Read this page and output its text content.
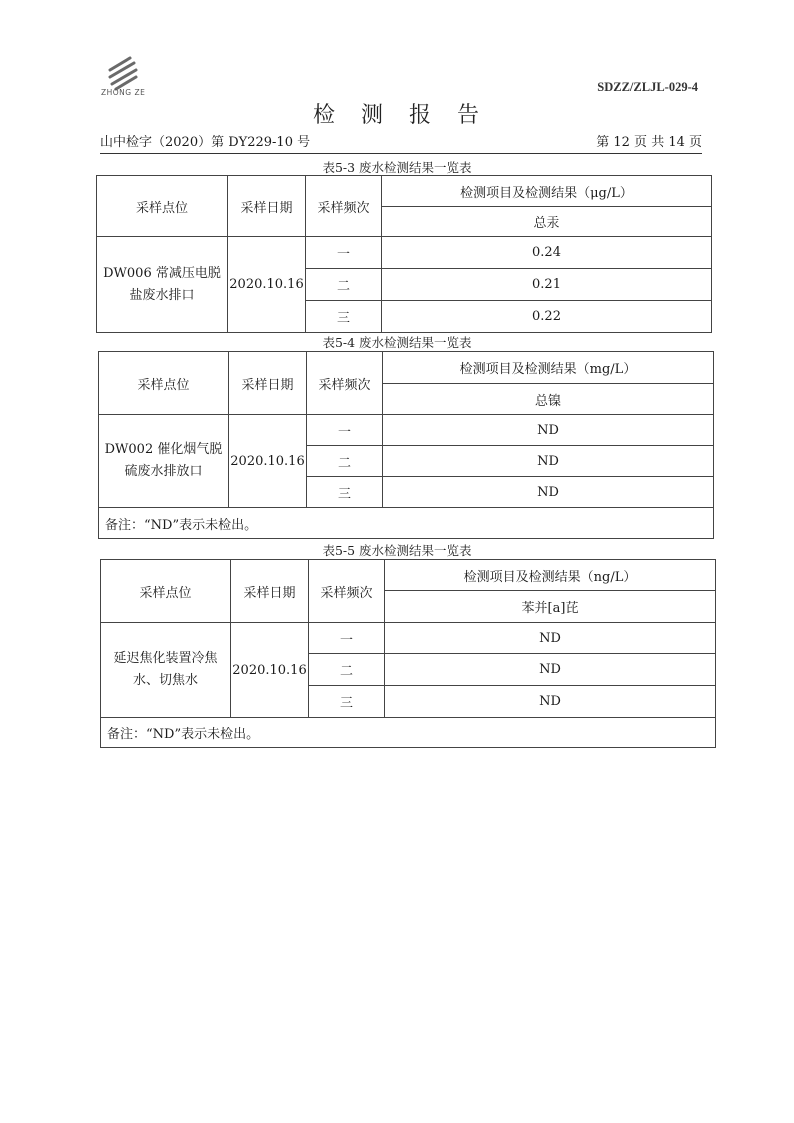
ZHONG ZE	SDZZ/ZLJL-029-4
检测报告
山中检字（2020）第 DY229-10 号	第 12 页 共 14 页
表5-3 废水检测结果一览表
采样点位	采样日期	采样频次	检测项目及检测结果（μg/L）
			总汞
DW006 常减压电脱盐废水排口	2020.10.16	一	0.24
		二	0.21
		三	0.22
表5-4 废水检测结果一览表
采样点位	采样日期	采样频次	检测项目及检测结果（mg/L）
			总镍
DW002 催化烟气脱硫废水排放口	2020.10.16	一	ND
		二	ND
		三	ND
备注：“ND”表示未检出。			
表5-5 废水检测结果一览表
采样点位	采样日期	采样频次	检测项目及检测结果（ng/L）
			苯并[a]芘
延迟焦化装置冷焦水、切焦水	2020.10.16	一	ND
		二	ND
		三	ND
备注：“ND”表示未检出。			
